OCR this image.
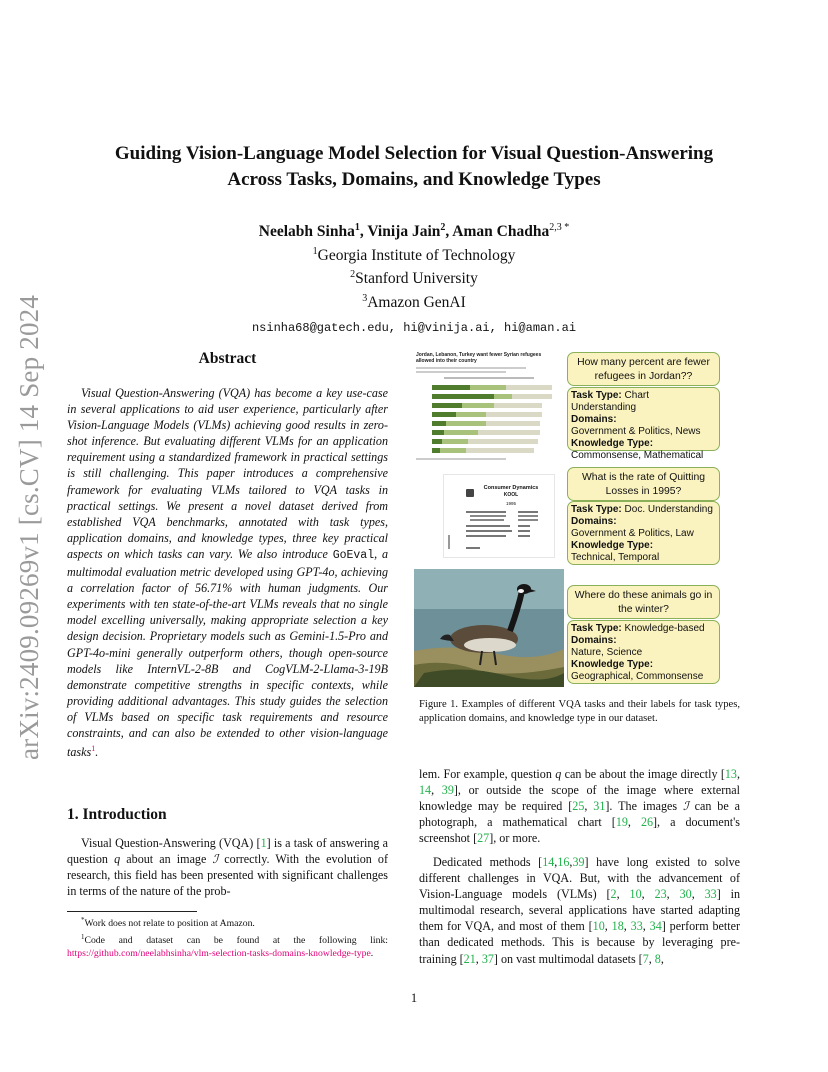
arXiv:2409.09269v1 [cs.CV] 14 Sep 2024
Guiding Vision-Language Model Selection for Visual Question-Answering
Across Tasks, Domains, and Knowledge Types
Neelabh Sinha$^1$, Vinija Jain$^2$, Aman Chadha$^{2,3 *}$
$^1$Georgia Institute of Technology
$^2$Stanford University
$^3$Amazon GenAI
nsinha68@gatech.edu, hi@vinija.ai, hi@aman.ai
Abstract

Visual Question-Answering (VQA) has become a key use-case in several applications to aid user experience, particularly after Vision-Language Models (VLMs) achieving good results in zero-shot inference. But evaluating different VLMs for an application requirement using a standardized framework in practical settings is still challenging. This paper introduces a comprehensive framework for evaluating VLMs tailored to VQA tasks in practical settings. We present a novel dataset derived from established VQA benchmarks, annotated with task types, application domains, and knowledge types, three key practical aspects on which tasks can vary. We also introduce GoEval, a multimodal evaluation metric developed using GPT-4o, achieving a correlation factor of 56.71% with human judgments. Our experiments with ten state-of-the-art VLMs reveals that no single model excelling universally, making appropriate selection a key design decision. Proprietary models such as Gemini-1.5-Pro and GPT-4o-mini generally outperform others, though open-source models like InternVL-2-8B and CogVLM-2-Llama-3-19B demonstrate competitive strengths in specific contexts, while providing additional advantages. This study guides the selection of VLMs based on specific task requirements and resource constraints, and can also be extended to other vision-language tasks$^1$.

1. Introduction

Visual Question-Answering (VQA) [1] is a task of answering a question q about an image ℐ correctly. With the evolution of research, this field has been presented with significant challenges in terms of the nature of the prob-

*Work does not relate to position at Amazon.

$^1$Code and dataset can be found at the following link: https://github.com/neelabhsinha/vlm-selection-tasks-domains-knowledge-type.

1
Jordan, Lebanon, Turkey want fewer Syrian refugees allowed into their country
Consumer Dynamics
KOOL
1995
How many percent are fewer refugees in Jordan??
Task Type: Chart Understanding
Domains:
Government & Politics, News
Knowledge Type:
Commonsense, Mathematical
What is the rate of Quitting Losses in 1995?
Task Type: Doc. Understanding
Domains:
Government & Politics, Law
Knowledge Type:
Technical, Temporal
Where do these animals go in the winter?
Task Type: Knowledge-based
Domains:
Nature, Science
Knowledge Type:
Geographical, Commonsense

Figure 1. Examples of different VQA tasks and their labels for task types, application domains, and knowledge type in our dataset.

lem. For example, question q can be about the image directly [13, 14, 39], or outside the scope of the image where external knowledge may be required [25, 31]. The images ℐ can be a photograph, a mathematical chart [19, 26], a document's screenshot [27], or more.

Dedicated methods [14,16,39] have long existed to solve different challenges in VQA. But, with the advancement of Vision-Language models (VLMs) [2, 10, 23, 30, 33] in multimodal research, several applications have started adapting them for VQA, and most of them [10, 18, 33, 34] perform better than dedicated methods. This is because by leveraging pre-training [21, 37] on vast multimodal datasets [7, 8,
